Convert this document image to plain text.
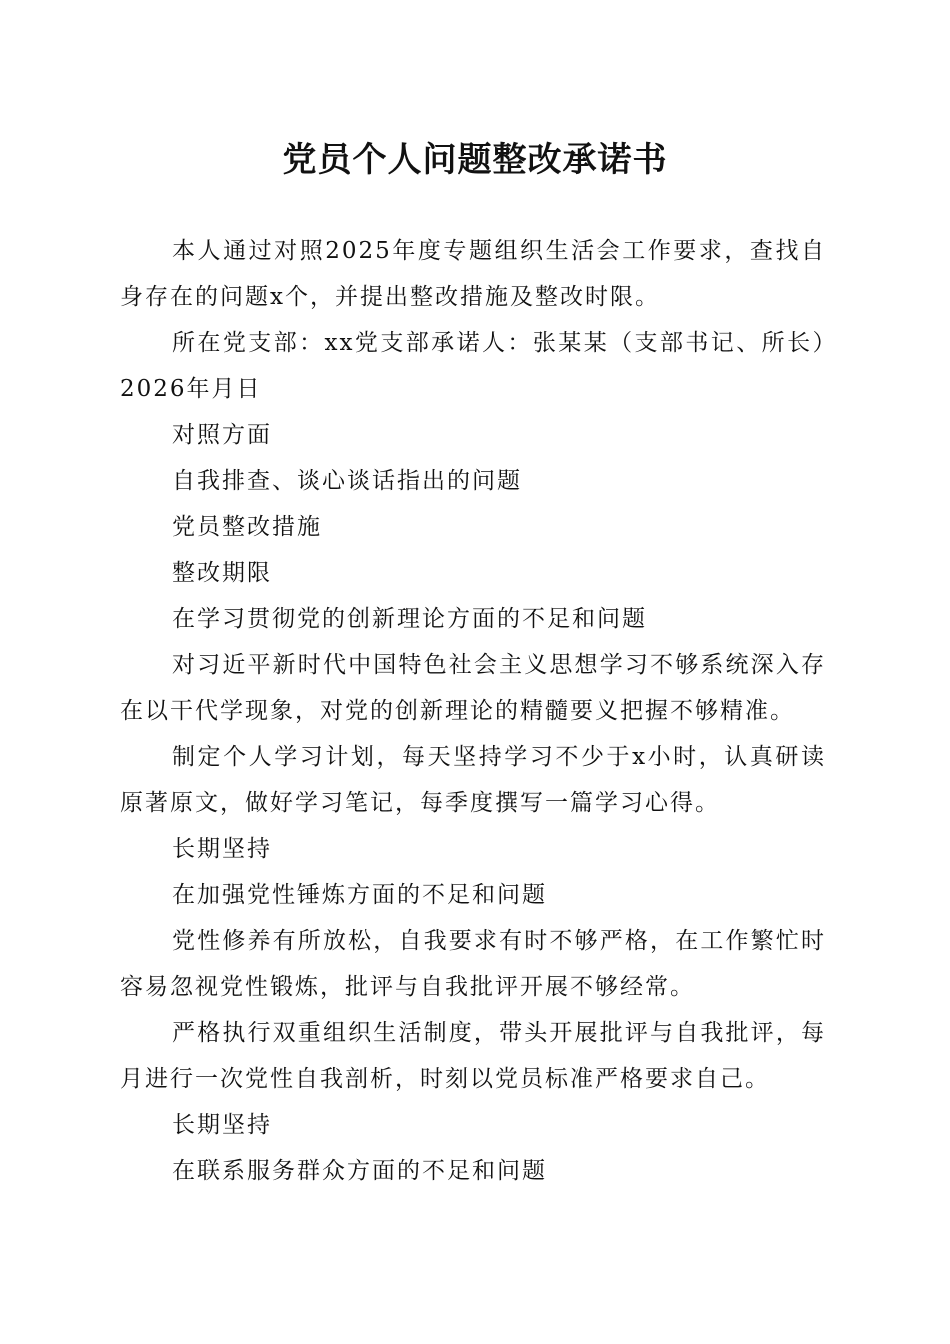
党员个人问题整改承诺书

本人通过对照2025年度专题组织生活会工作要求，查找自身存在的问题x个，并提出整改措施及整改时限。

所在党支部：xx党支部承诺人：张某某（支部书记、所长）2026年月日

对照方面

自我排查、谈心谈话指出的问题

党员整改措施

整改期限

在学习贯彻党的创新理论方面的不足和问题

对习近平新时代中国特色社会主义思想学习不够系统深入存在以干代学现象，对党的创新理论的精髓要义把握不够精准。

制定个人学习计划，每天坚持学习不少于x小时，认真研读原著原文，做好学习笔记，每季度撰写一篇学习心得。

长期坚持

在加强党性锤炼方面的不足和问题

党性修养有所放松，自我要求有时不够严格，在工作繁忙时容易忽视党性锻炼，批评与自我批评开展不够经常。

严格执行双重组织生活制度，带头开展批评与自我批评，每月进行一次党性自我剖析，时刻以党员标准严格要求自己。

长期坚持

在联系服务群众方面的不足和问题
